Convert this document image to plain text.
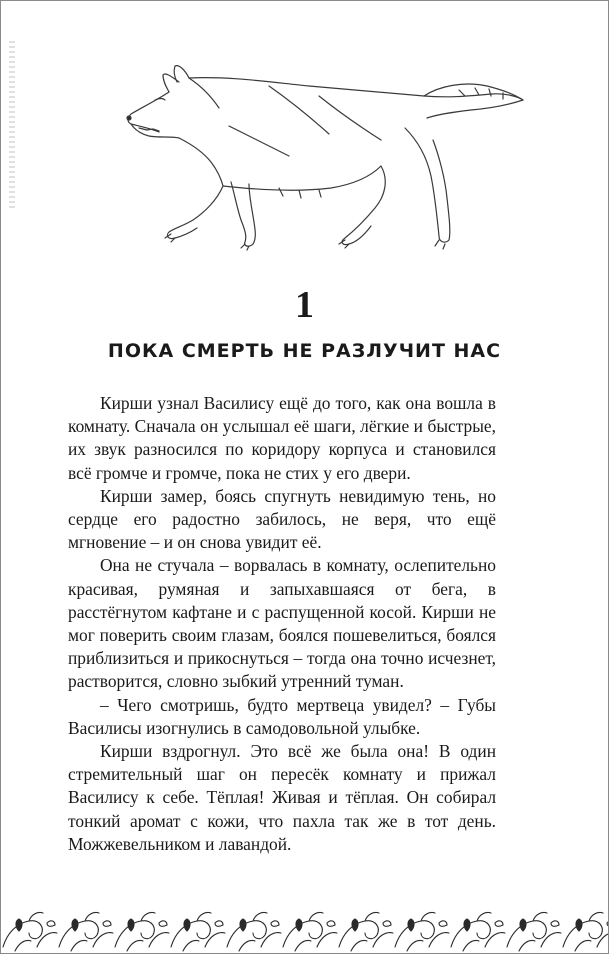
1
ПОКА СМЕРТЬ НЕ РАЗЛУЧИТ НАС

Кирши узнал Василису ещё до того, как она вошла в комнату. Сначала он услышал её шаги, лёгкие и быстрые, их звук разносился по коридору корпуса и становился всё громче и громче, пока не стих у его двери.

Кирши замер, боясь спугнуть невидимую тень, но сердце его радостно забилось, не веря, что ещё мгновение – и он снова увидит её.

Она не стучала – ворвалась в комнату, ослепительно красивая, румяная и запыхавшаяся от бега, в расстёгнутом кафтане и с распущенной косой. Кирши не мог поверить своим глазам, боялся пошевелиться, боялся приблизиться и прикоснуться – тогда она точно исчезнет, растворится, словно зыбкий утренний туман.

– Чего смотришь, будто мертвеца увидел? – Губы Василисы изогнулись в самодовольной улыбке.

Кирши вздрогнул. Это всё же была она! В один стремительный шаг он пересёк комнату и прижал Василису к себе. Тёплая! Живая и тёплая. Он собирал тонкий аромат с кожи, что пахла так же в тот день. Можжевельником и лавандой.
